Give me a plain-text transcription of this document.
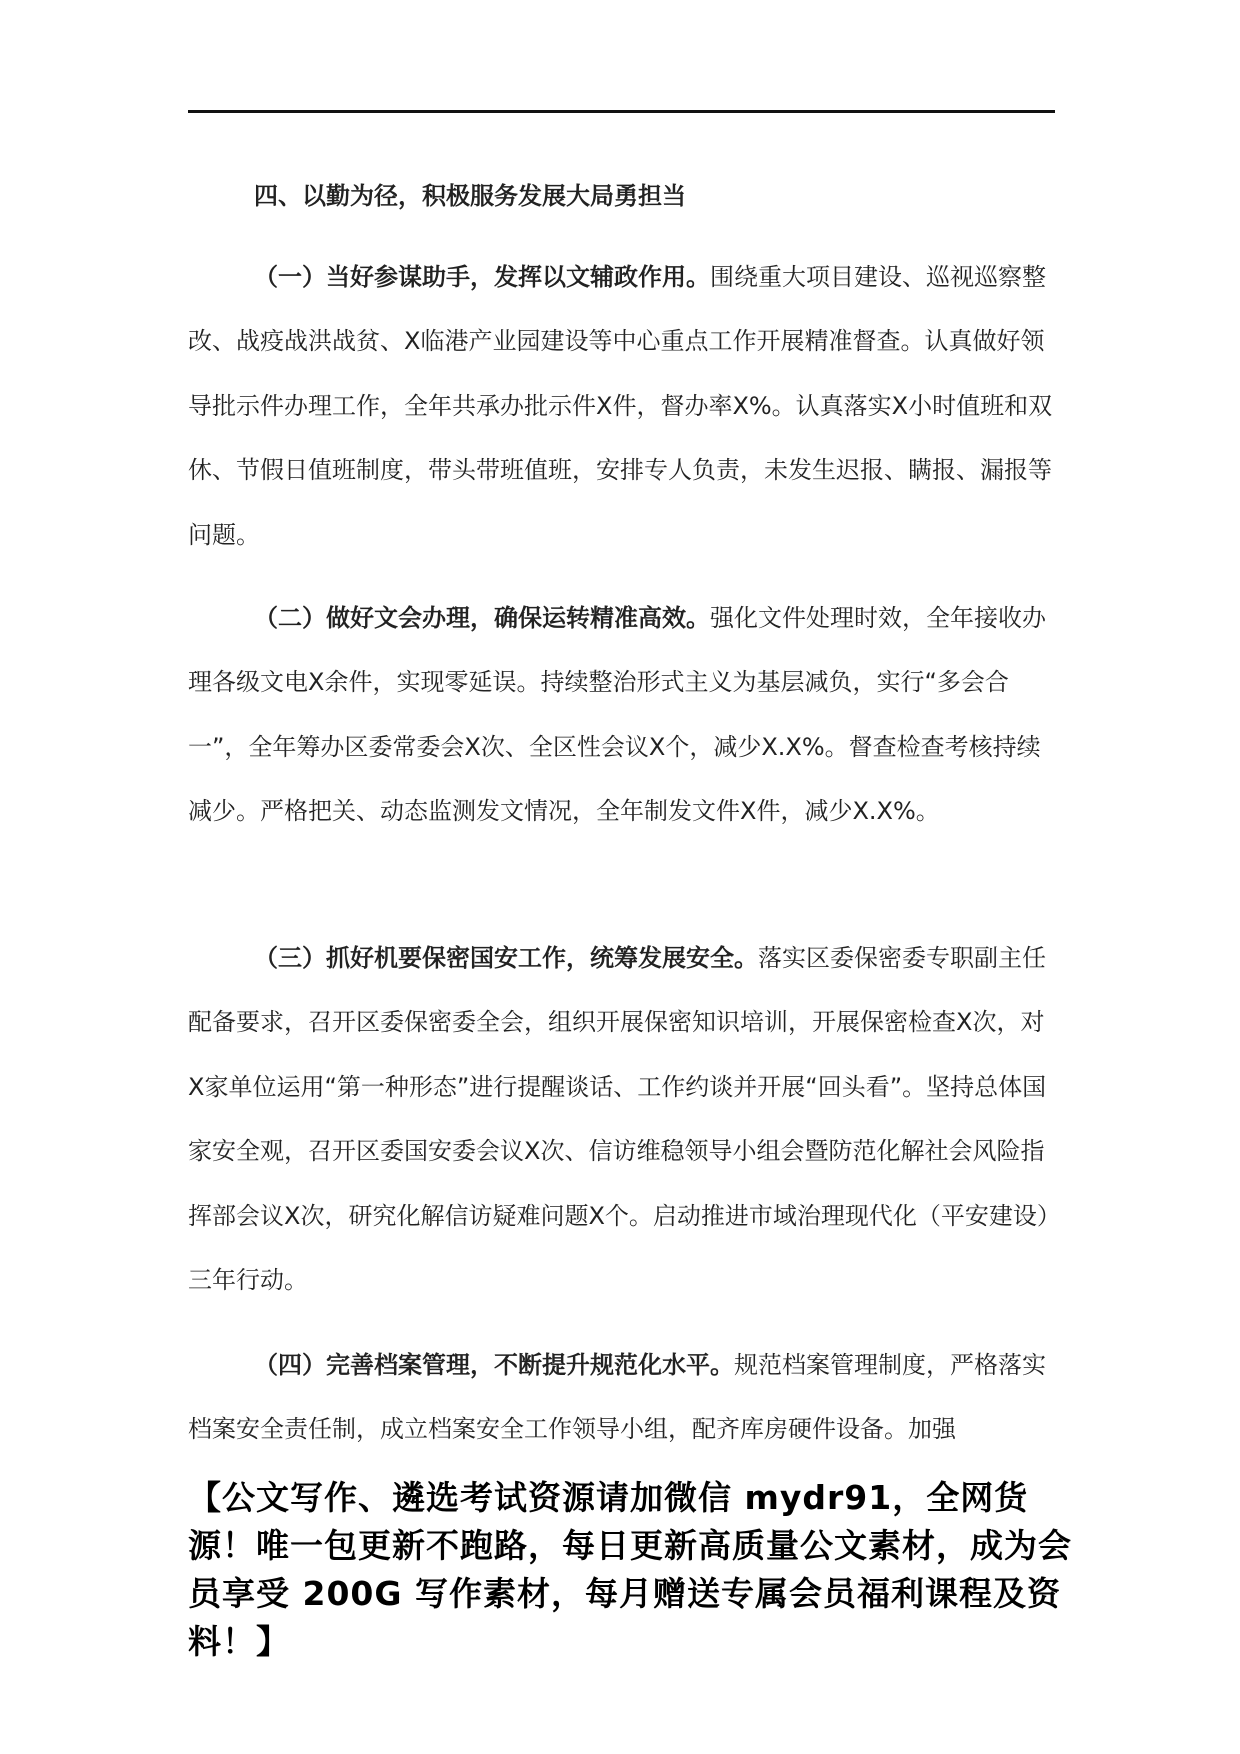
四、以勤为径，积极服务发展大局勇担当

（一）当好参谋助手，发挥以文辅政作用。围绕重大项目建设、巡视巡察整改、战疫战洪战贫、X临港产业园建设等中心重点工作开展精准督查。认真做好领导批示件办理工作，全年共承办批示件X件，督办率X%。认真落实X小时值班和双休、节假日值班制度，带头带班值班，安排专人负责，未发生迟报、瞒报、漏报等问题。

（二）做好文会办理，确保运转精准高效。强化文件处理时效，全年接收办理各级文电X余件，实现零延误。持续整治形式主义为基层减负，实行“多会合一”，全年筹办区委常委会X次、全区性会议X个，减少X.X%。督查检查考核持续减少。严格把关、动态监测发文情况，全年制发文件X件，减少X.X%。

（三）抓好机要保密国安工作，统筹发展安全。落实区委保密委专职副主任配备要求，召开区委保密委全会，组织开展保密知识培训，开展保密检查X次，对X家单位运用“第一种形态”进行提醒谈话、工作约谈并开展“回头看”。坚持总体国家安全观，召开区委国安委会议X次、信访维稳领导小组会暨防范化解社会风险指挥部会议X次，研究化解信访疑难问题X个。启动推进市域治理现代化（平安建设）三年行动。

（四）完善档案管理，不断提升规范化水平。规范档案管理制度，严格落实档案安全责任制，成立档案安全工作领导小组，配齐库房硬件设备。加强

【公文写作、遴选考试资源请加微信 mydr91，全网货源！唯一包更新不跑路，每日更新高质量公文素材，成为会员享受 200G 写作素材，每月赠送专属会员福利课程及资料！】
